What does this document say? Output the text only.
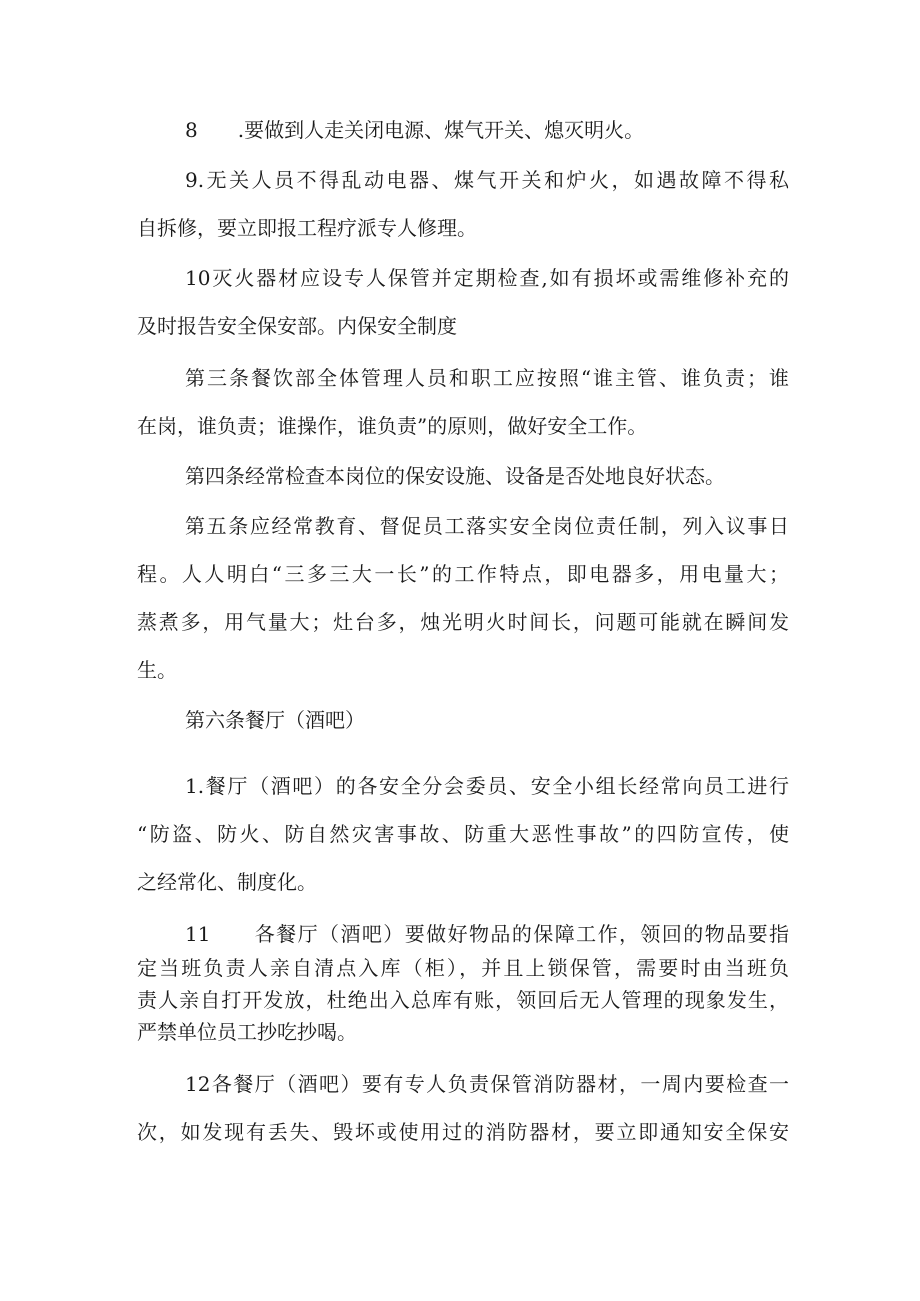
8　　.要做到人走关闭电源、煤气开关、熄灭明火。
9.无关人员不得乱动电器、煤气开关和炉火，如遇故障不得私
自拆修，要立即报工程疗派专人修理。
10灭火器材应设专人保管并定期检查,如有损坏或需维修补充的
及时报告安全保安部。内保安全制度
第三条餐饮部全体管理人员和职工应按照“谁主管、谁负责；谁
在岗，谁负责；谁操作，谁负责”的原则，做好安全工作。
第四条经常检查本岗位的保安设施、设备是否处地良好状态。
第五条应经常教育、督促员工落实安全岗位责任制，列入议事日
程。人人明白“三多三大一长”的工作特点，即电器多，用电量大；
蒸煮多，用气量大；灶台多，烛光明火时间长，问题可能就在瞬间发
生。
第六条餐厅（酒吧）
1.餐厅（酒吧）的各安全分会委员、安全小组长经常向员工进行
“防盗、防火、防自然灾害事故、防重大恶性事故”的四防宣传，使
之经常化、制度化。
11　　各餐厅（酒吧）要做好物品的保障工作，领回的物品要指
定当班负责人亲自清点入库（柜），并且上锁保管，需要时由当班负
责人亲自打开发放，杜绝出入总库有账，领回后无人管理的现象发生，
严禁单位员工抄吃抄喝。
12各餐厅（酒吧）要有专人负责保管消防器材，一周内要检查一
次，如发现有丢失、毁坏或使用过的消防器材，要立即通知安全保安
